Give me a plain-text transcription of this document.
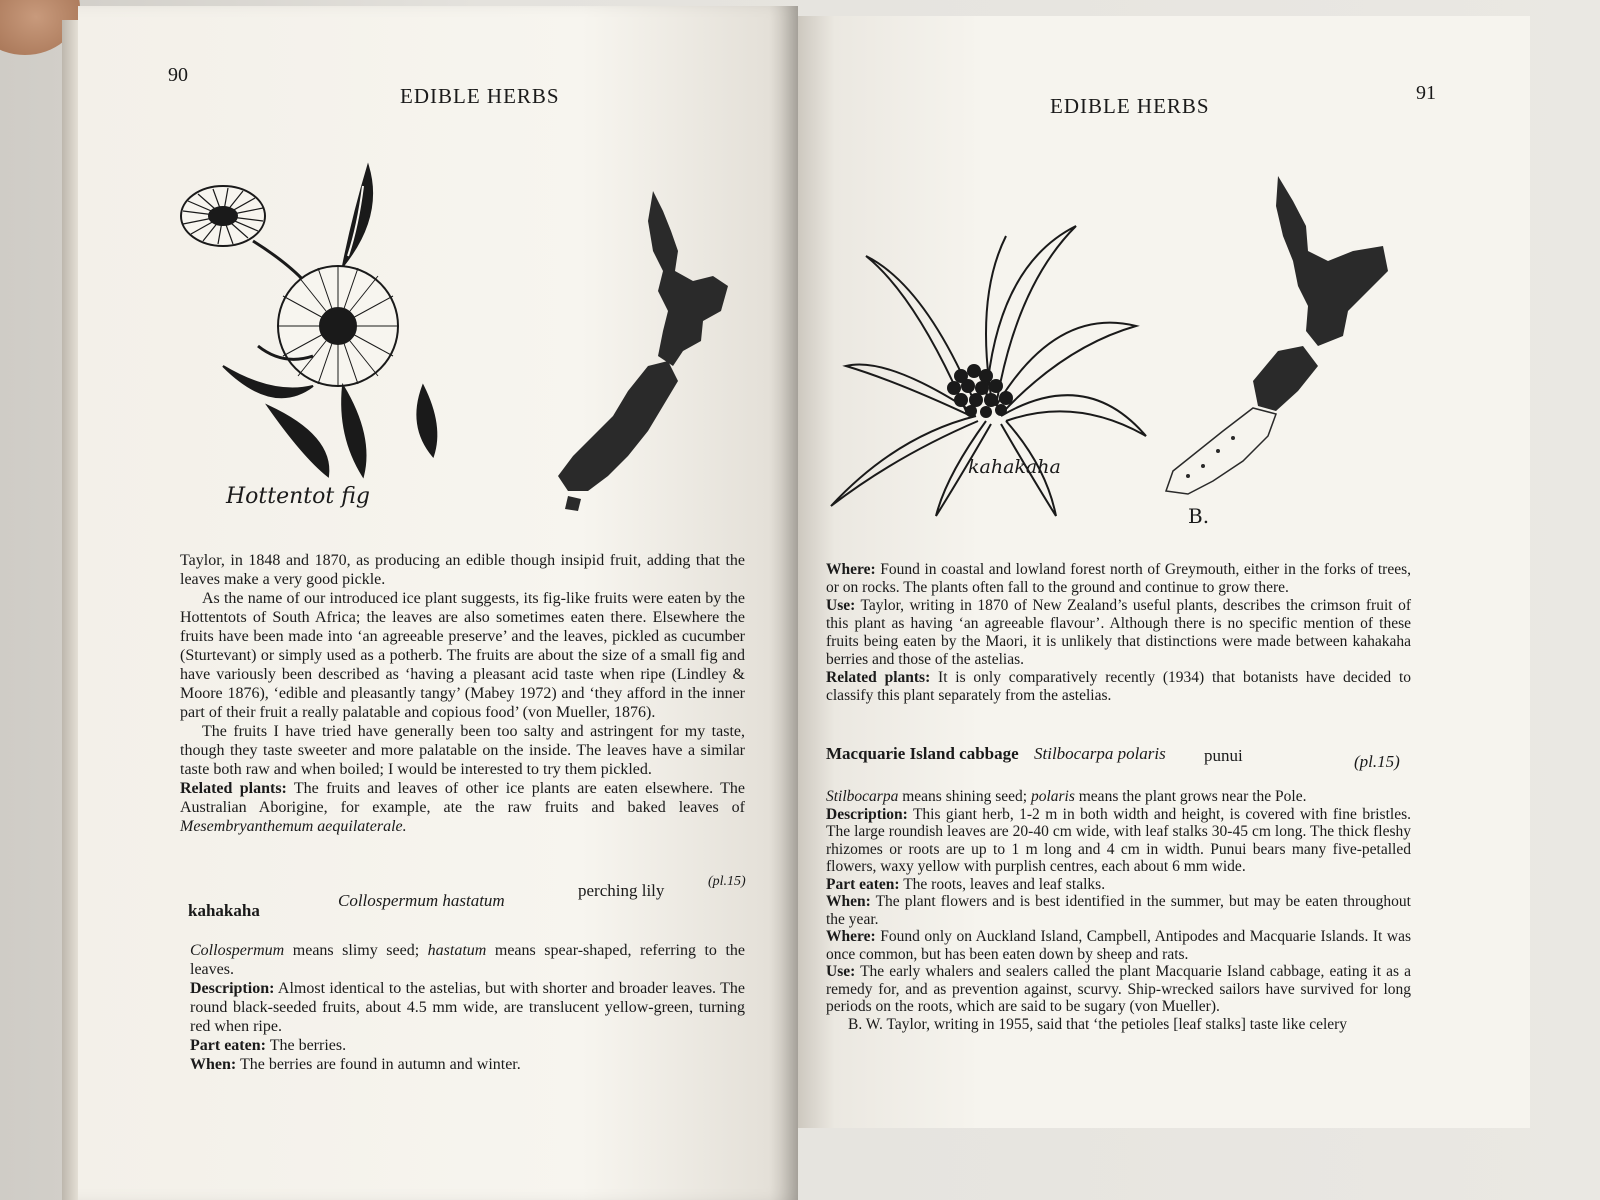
90
EDIBLE HERBS
Hottentot fig

Taylor, in 1848 and 1870, as producing an edible though insipid fruit, adding that the leaves make a very good pickle.

As the name of our introduced ice plant suggests, its fig-like fruits were eaten by the Hottentots of South Africa; the leaves are also sometimes eaten there. Elsewhere the fruits have been made into ‘an agreeable preserve’ and the leaves, pickled as cucumber (Sturtevant) or simply used as a potherb. The fruits are about the size of a small fig and have variously been described as ‘having a pleasant acid taste when ripe (Lindley & Moore 1876), ‘edible and pleasantly tangy’ (Mabey 1972) and ‘they afford in the inner part of their fruit a really palatable and copious food’ (von Mueller, 1876).

The fruits I have tried have generally been too salty and astringent for my taste, though they taste sweeter and more palatable on the inside. The leaves have a similar taste both raw and when boiled; I would be interested to try them pickled.

Related plants: The fruits and leaves of other ice plants are eaten elsewhere. The Australian Aborigine, for example, ate the raw fruits and baked leaves of Mesembryanthemum aequilaterale.

kahakaha
Collospermum hastatum
perching lily	(pl.15)

Collospermum means slimy seed; hastatum means spear-shaped, referring to the leaves.

Description: Almost identical to the astelias, but with shorter and broader leaves. The round black-seeded fruits, about 4.5 mm wide, are translucent yellow-green, turning red when ripe.

Part eaten: The berries.

When: The berries are found in autumn and winter.

EDIBLE HERBS
91
kahakaha
B.

Where: Found in coastal and lowland forest north of Greymouth, either in the forks of trees, or on rocks. The plants often fall to the ground and continue to grow there.

Use: Taylor, writing in 1870 of New Zealand’s useful plants, describes the crimson fruit of this plant as having ‘an agreeable flavour’. Although there is no specific mention of these fruits being eaten by the Maori, it is unlikely that distinctions were made between kahakaha berries and those of the astelias.

Related plants: It is only comparatively recently (1934) that botanists have decided to classify this plant separately from the astelias.

Macquarie Island cabbage Stilbocarpa polaris punui	(pl.15)

Stilbocarpa means shining seed; polaris means the plant grows near the Pole.

Description: This giant herb, 1-2 m in both width and height, is covered with fine bristles. The large roundish leaves are 20-40 cm wide, with leaf stalks 30-45 cm long. The thick fleshy rhizomes or roots are up to 1 m long and 4 cm in width. Punui bears many five-petalled flowers, waxy yellow with purplish centres, each about 6 mm wide.

Part eaten: The roots, leaves and leaf stalks.

When: The plant flowers and is best identified in the summer, but may be eaten throughout the year.

Where: Found only on Auckland Island, Campbell, Antipodes and Macquarie Islands. It was once common, but has been eaten down by sheep and rats.

Use: The early whalers and sealers called the plant Macquarie Island cabbage, eating it as a remedy for, and as prevention against, scurvy. Ship-wrecked sailors have survived for long periods on the roots, which are said to be sugary (von Mueller).

B. W. Taylor, writing in 1955, said that ‘the petioles [leaf stalks] taste like celery
